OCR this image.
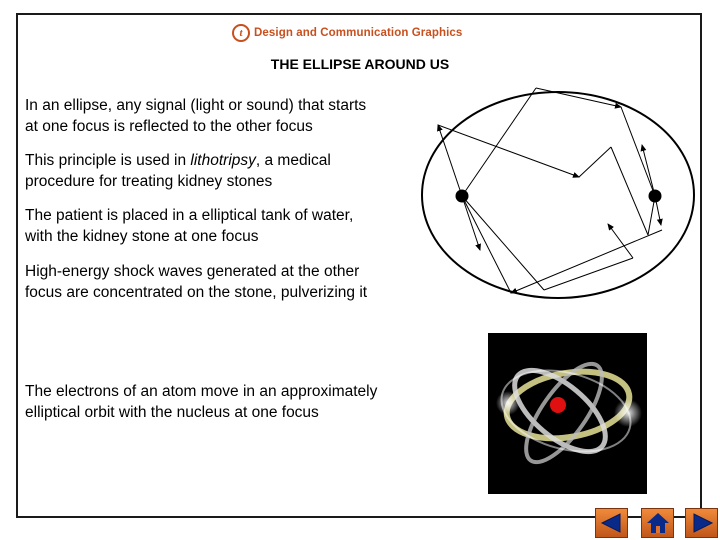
t Design and Communication Graphics
THE ELLIPSE AROUND US
In an ellipse, any signal (light or sound) that starts
at one focus is reflected to the other focus
This principle is used in lithotripsy, a medical
procedure for treating kidney stones
The patient is placed in a elliptical tank of water,
with the kidney stone at one focus
High-energy shock waves generated at the other
focus are concentrated on the stone, pulverizing it
The electrons of an atom move in an approximately
elliptical orbit with the nucleus at one focus
